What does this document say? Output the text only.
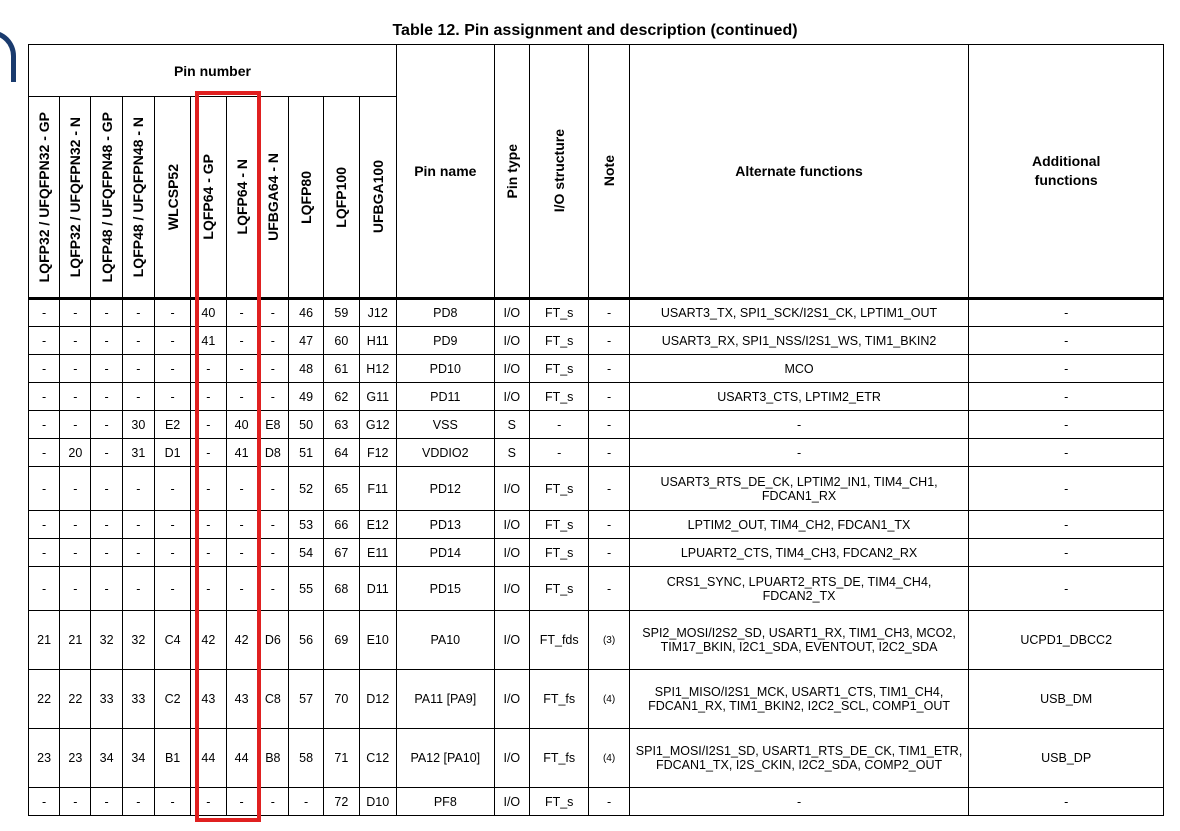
Table 12. Pin assignment and description (continued)
Pin number											Pin name	Pin type	I/O structure	Note	Alternate functions	Additional functions

LQFP32 / UFQFPN32 - GP	LQFP32 / UFQFPN32 - N	LQFP48 / UFQFPN48 - GP	LQFP48 / UFQFPN48 - N	WLCSP52	LQFP64 - GP	LQFP64 - N	UFBGA64 - N	LQFP80	LQFP100	UFBGA100						

-	-	-	-	-	40	-	-	46	59	J12	PD8	I/O	FT_s	-	USART3_TX, SPI1_SCK/I2S1_CK, LPTIM1_OUT	-
-	-	-	-	-	41	-	-	47	60	H11	PD9	I/O	FT_s	-	USART3_RX, SPI1_NSS/I2S1_WS, TIM1_BKIN2	-
-	-	-	-	-	-	-	-	48	61	H12	PD10	I/O	FT_s	-	MCO	-
-	-	-	-	-	-	-	-	49	62	G11	PD11	I/O	FT_s	-	USART3_CTS, LPTIM2_ETR	-
-	-	-	30	E2	-	40	E8	50	63	G12	VSS	S	-	-	-	-
-	20	-	31	D1	-	41	D8	51	64	F12	VDDIO2	S	-	-	-	-
-	-	-	-	-	-	-	-	52	65	F11	PD12	I/O	FT_s	-	USART3_RTS_DE_CK, LPTIM2_IN1, TIM4_CH1, FDCAN1_RX	-
-	-	-	-	-	-	-	-	53	66	E12	PD13	I/O	FT_s	-	LPTIM2_OUT, TIM4_CH2, FDCAN1_TX	-
-	-	-	-	-	-	-	-	54	67	E11	PD14	I/O	FT_s	-	LPUART2_CTS, TIM4_CH3, FDCAN2_RX	-
-	-	-	-	-	-	-	-	55	68	D11	PD15	I/O	FT_s	-	CRS1_SYNC, LPUART2_RTS_DE, TIM4_CH4, FDCAN2_TX	-
21	21	32	32	C4	42	42	D6	56	69	E10	PA10	I/O	FT_fds	(3)	SPI2_MOSI/I2S2_SD, USART1_RX, TIM1_CH3, MCO2, TIM17_BKIN, I2C1_SDA, EVENTOUT, I2C2_SDA	UCPD1_DBCC2
22	22	33	33	C2	43	43	C8	57	70	D12	PA11 [PA9]	I/O	FT_fs	(4)	SPI1_MISO/I2S1_MCK, USART1_CTS, TIM1_CH4, FDCAN1_RX, TIM1_BKIN2, I2C2_SCL, COMP1_OUT	USB_DM
23	23	34	34	B1	44	44	B8	58	71	C12	PA12 [PA10]	I/O	FT_fs	(4)	SPI1_MOSI/I2S1_SD, USART1_RTS_DE_CK, TIM1_ETR, FDCAN1_TX, I2S_CKIN, I2C2_SDA, COMP2_OUT	USB_DP
-	-	-	-	-	-	-	-	-	72	D10	PF8	I/O	FT_s	-	-	-
